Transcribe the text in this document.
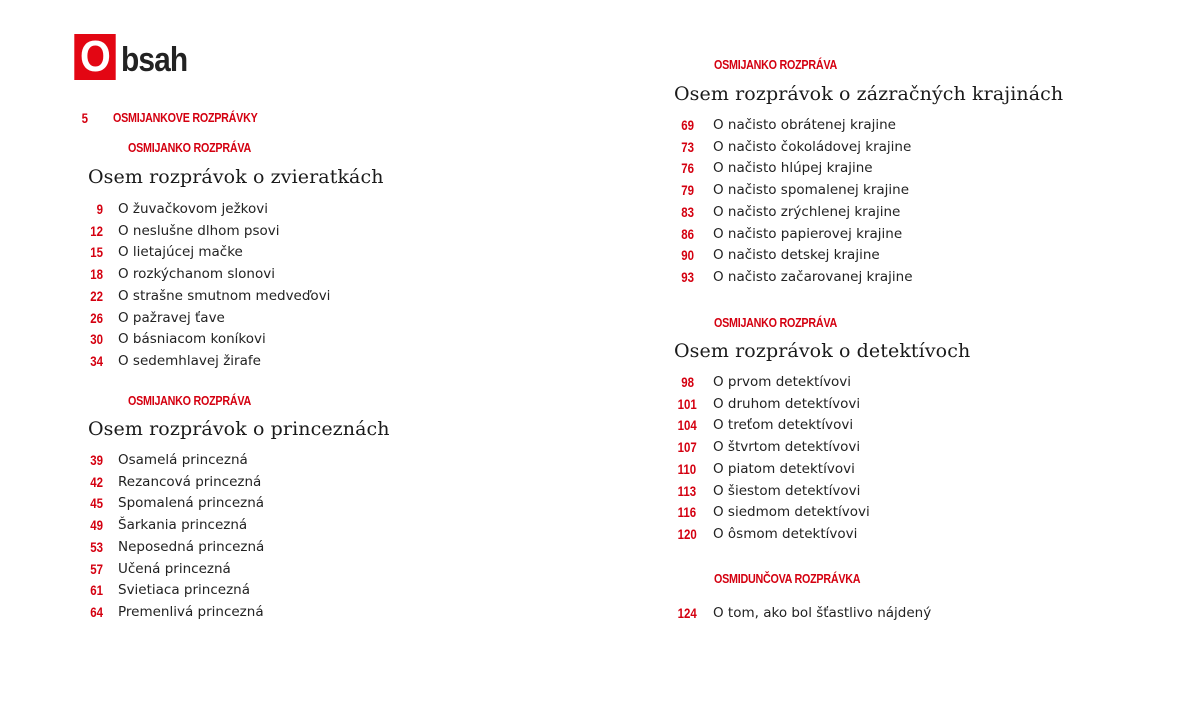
O bsah
5 OSMIJANKOVE ROZPRÁVKY
OSMIJANKO ROZPRÁVA
Osem rozprávok o zvieratkách
9 O žuvačkovom ježkovi
12 O neslušne dlhom psovi
15 O lietajúcej mačke
18 O rozkýchanom slonovi
22 O strašne smutnom medveďovi
26 O pažravej ťave
30 O básniacom koníkovi
34 O sedemhlavej žirafe
OSMIJANKO ROZPRÁVA
Osem rozprávok o princeznách
39 Osamelá princezná
42 Rezancová princezná
45 Spomalená princezná
49 Šarkania princezná
53 Neposedná princezná
57 Učená princezná
61 Svietiaca princezná
64 Premenlivá princezná
OSMIJANKO ROZPRÁVA
Osem rozprávok o zázračných krajinách
69 O načisto obrátenej krajine
73 O načisto čokoládovej krajine
76 O načisto hlúpej krajine
79 O načisto spomalenej krajine
83 O načisto zrýchlenej krajine
86 O načisto papierovej krajine
90 O načisto detskej krajine
93 O načisto začarovanej krajine
OSMIJANKO ROZPRÁVA
Osem rozprávok o detektívoch
98 O prvom detektívovi
101 O druhom detektívovi
104 O treťom detektívovi
107 O štvrtom detektívovi
110 O piatom detektívovi
113 O šiestom detektívovi
116 O siedmom detektívovi
120 O ôsmom detektívovi
OSMIDUNČOVA ROZPRÁVKA
124 O tom, ako bol šťastlivo nájdený
